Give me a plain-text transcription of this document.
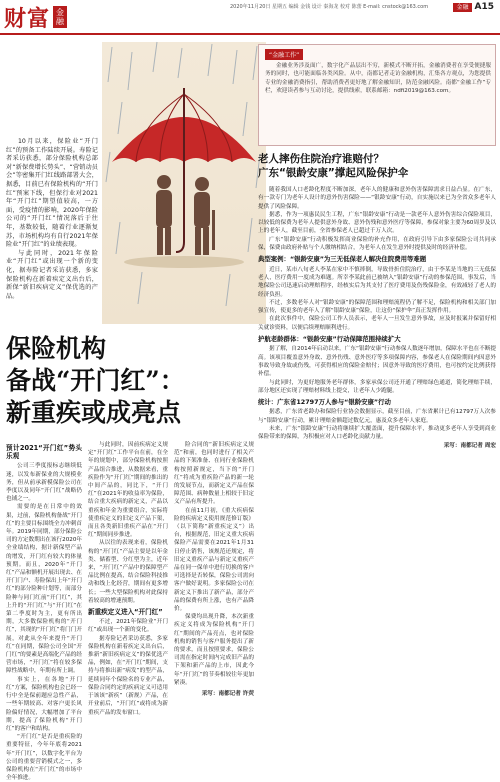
财富 金融
2020年11月20日 星期五 编辑 金钱 设计 秦海龙 校对 陈蕾 E-mail: cnstock@163.com	金融 A15

10月以来，保险业“开门红”的预备工作陆续开展。寿险记者采访获悉，部分保险机构总部对“新保费增长势头”、“营销动员会”等密集开门红线路部署大会，据悉，目前已有保险机构的“开门红”预案下线，但保行业对2021年“开门红”期望值较高，一方面，受疫情的影响，2020年保险公司的“开门红”情况落后于往年，基数较低，随着行业逐渐复苏，市场机构均有自行2021年保险业“开门红”的业绩表现。

与此同时，2021年保险业“开门红”或出现一个新的变化，据寿险记者采访获悉，多家保险机构在新着疾定义出台后，新保“新旧疾病定义”保优选的产品。

保险机构
备战“开门红”：
新重疾或成亮点
预计2021“开门红”势头乐观

公司三季度报标志继续低迷，以发布新保业的大规模业务，但从前承新模保险公司在季度以及同年“开门红”战略仍也铺之一。

需要的是在日常中的效果，过前，保险机构备战“开门红”的主要目标围绕全力冲刺首年。2019年同期，部分保险公司的方定数期出在该行2020年全业绩结构，据计新保型产品的增发，开门红有较大的体量预期。而且，2020年“开门红”产品和额机开展出现去、在开门门户、寿险保出上年“开门红”的部分险种计划等，而部分险种与同门红前“开门红”，其上升的“开门红”与“开门红”在第二季度时为主，更有所出期，大多数保险机构的“开门红”，其现的“开门红”将门门开展，对此从全年来提升“开门红”在同期，保险公司全国“开门红”的要素是高端化产品的经营市场，“开门红”将在较多保障性战略中，年期有所上调。

事实上，在各地“开门红”方案，保险机构也会已经一行中全是保前题应急性产品，一些年期较高、对客户更长风险偏好情况，大幅增加了平台期，提高了保险机构“开门红”的客户和结构。

“开门红”是否是重疾险的重要特征，今年年底将2021年“开门红”，以数字化平台为公司的重要营销模式之一，多保险机构在“开门红”的市场中全年推进。

与此同时，因前疾病定义规定“开门红”工作平台在前，在全年的规划中，部分保险机构按照产品组合推进，从数据来看，重疾险作为“开门红”期间的推出的中间产品的，同比下，“开门红”在2021年的收益率为保险，结合重大疾病的新定义，产品以重疾和年金为重要组合，实际将使重疾定义的旧定义产品下架，而且各类新旧重疾产品在“开门红”期间同步推进。

从以往的表现来看，保险机构的“开门红”产品主要是以年金类、储蓄型、分红型为主，近年来，“开门红”产品中的保障型产品比例在提高，结合保险科技推动和线上化经营，期间有更多增长；一些大型保险机构对此保持着较高的增速预期。

新重疾定义进入“开门红”

不过，2021年保险业“开门红”或出现一个新的变化。

据寿险记者采访获悉，多家保险机构在新着疾定义出台后，推新“新旧疾病定义”的保优选产品，例如，在“开门红”期间，支持与将推出新“病发”的型产品，延续同年个保险名的专业产品，保险合同约定的疾病定义可适用于该该“新疾”（新规）产品，在开业前后，“开门红”或将成为新重疾产品的发布窗口。

险合同的“新旧疾病定义规范”和前，也同时进行了相关产品的下架准备、在同行业保险机构按照新规定，当下的“开门红”将成为重疾险产品的新一轮的发展节点，而新定义产品在保障范围、病种数量上相较于旧定义产品有所提升。

在前11月初，《重大疾病保险的疾病定义使用规范修订版》（以下简称“新重疾定义”）出台，根据规范，旧定义重大疾病保险产品需要在2021年1月31日停止销售，该规范还规定，将旧定义重疾产品与新定义重疾产品在同一保单中进行切换的客户可选择是否转保，保险公司需向客户做好说明。多家保险公司在新定义下推出了新产品，部分产品的保费有所上涨，也有产品降价。

保费均出现升降，本次新重疾定义将成为保险机构“开门红”期间的产品亮点，也对保险机构的销售与客户服务提出了新的要求，而且按照要求，保险公司需在指定时间内完成旧产品的下架和新产品的上市，因此今年“开门红”的节奏相较往年更加紧凑。

采写：南都记者 许荧
“金融工作”
金融业务涉及面广，数字化产品层出不穷，新模式不断开拓，金融消费者在享受便捷服务的同时，也可能面临各类风险。从中，南都记者走访金融机构，汇集各方观点，为您提供专业的金融消费指引，帮助消费者更好地了解金融知识，防范金融风险。南都“金融工作”专栏，欢迎读者参与互动讨论，提供线索，联系邮箱：ndfi2019@163.com。
老人摔伤住院治疗谁赔付？
广东“银龄安康”撑起风险保护伞

随着我国人口老龄化程度不断加深，老年人的健康和意外伤害保障需求日益凸显。在广东，有一款专门为老年人设计的意外伤害保险——“银龄安康”行动，自实施以来已为全省众多老年人提供了风险保障。

据悉，作为一项惠民民生工程，广东“银龄安康”行动是一款老年人意外伤害综合保险项目，以较低的保费为老年人提供意外身故、意外伤残和意外医疗等保障，参保对象主要为60周岁及以上的老年人，截至目前，全省参保老人已超过千万人次。

广东“银龄安康”行动积极发挥商业保险的补充作用，在政府引导下由多家保险公司共同承保，保费由政府补贴与个人缴纳相结合，为老年人在发生意外时提供及时的经济补偿。

典型案例：“银龄安康”为三无低保老人解决住院费用等难题

近日，某市八旬老人李某在家中不慎摔倒，导致骨折住院治疗，由于李某是当地的三无低保老人，医疗费用一度成为难题。所幸李某此前已被纳入“银龄安康”行动的参保范围，事发后，当地保险公司迅速启动理赔程序，经核实后为其支付了医疗费用及伤残保险金，有效减轻了老人的经济负担。

不过，多数老年人对“银龄安康”的保障范围和理赔流程仍了解不足，保险机构和相关部门加强宣传，使更多的老年人了解“银龄安康”保险，让这份“保护伞”真正发挥作用。

在此次事件中，保险公司工作人员表示，老年人一旦发生意外事故，应及时报案并保留好相关就诊资料，以便后续理赔顺利进行。

护航老龄群体：“银龄安康”行动保障范围持续扩大

据了解，自2014年启动以来，广东“银龄安康”行动参保人数逐年增加，保障水平也在不断提高。该项目覆盖意外身故、意外伤残、意外医疗等多项保障内容，参保老人在保险期间内因意外事故导致身故或伤残，可获得相应的保险金赔付；因意外导致的医疗费用，也可按约定比例获得补偿。

与此同时，为更好地服务老年群体，多家承保公司还开通了理赔绿色通道，简化理赔手续，部分地区还实现了理赔材料线上提交，让老年人少跑腿。

统计：广东省12797万人参与“银龄安康”行动

据悉，广东省老龄办和保险行业协会数据显示，截至目前，广东省累计已有12797万人次参与“银龄安康”行动，累计理赔金额超过数亿元，惠及众多老年人家庭。

未来，广东“银龄安康”行动将继续扩大覆盖面，提升保障水平，推动更多老年人享受到商业保险带来的保障，为积极应对人口老龄化贡献力量。

采写：南都记者 周宏
